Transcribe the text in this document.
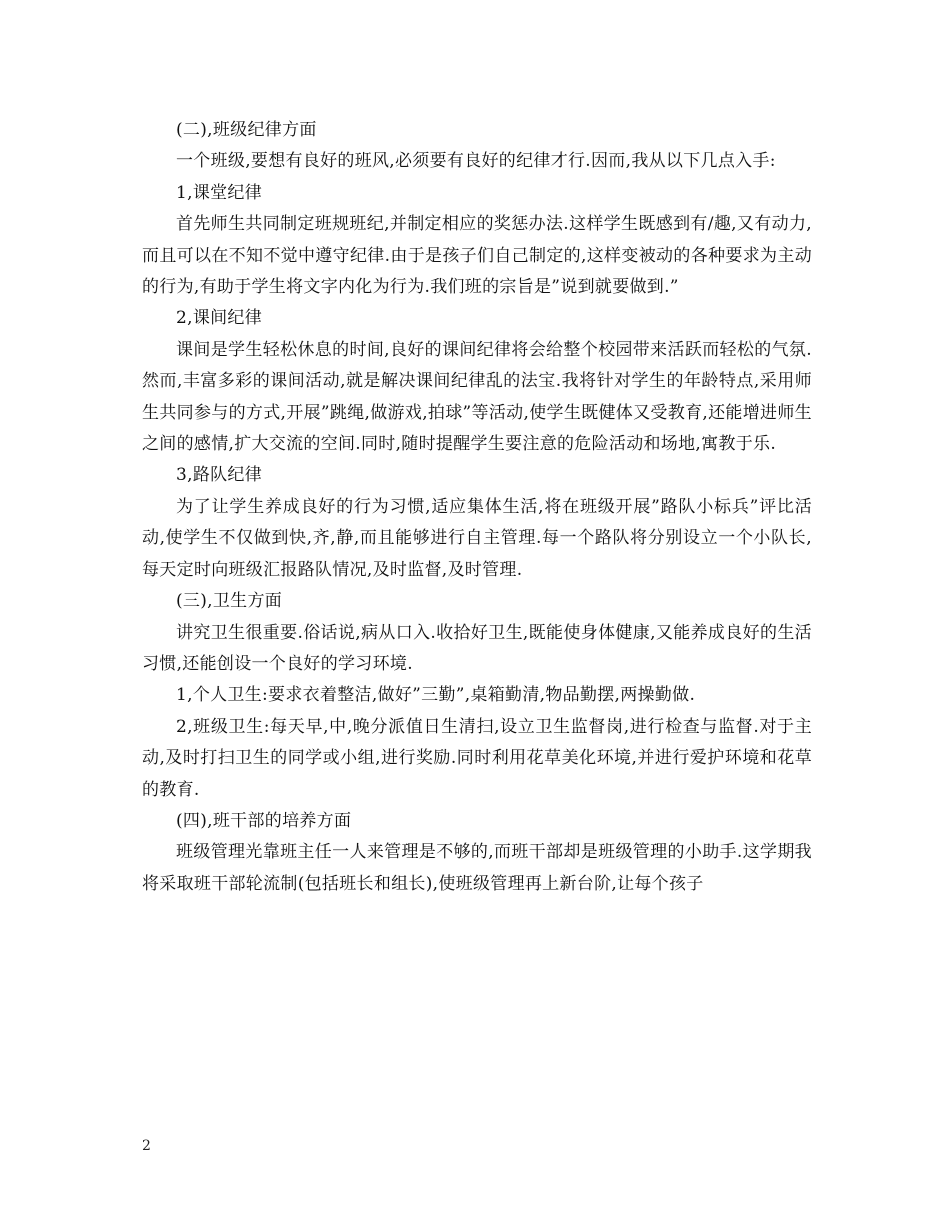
(二),班级纪律方面

一个班级,要想有良好的班风,必须要有良好的纪律才行.因而,我从以下几点入手:

1,课堂纪律

首先师生共同制定班规班纪,并制定相应的奖惩办法.这样学生既感到有/趣,又有动力,而且可以在不知不觉中遵守纪律.由于是孩子们自己制定的,这样变被动的各种要求为主动的行为,有助于学生将文字内化为行为.我们班的宗旨是”说到就要做到.”

2,课间纪律

课间是学生轻松休息的时间,良好的课间纪律将会给整个校园带来活跃而轻松的气氛.然而,丰富多彩的课间活动,就是解决课间纪律乱的法宝.我将针对学生的年龄特点,采用师生共同参与的方式,开展”跳绳,做游戏,拍球”等活动,使学生既健体又受教育,还能增进师生之间的感情,扩大交流的空间.同时,随时提醒学生要注意的危险活动和场地,寓教于乐.

3,路队纪律

为了让学生养成良好的行为习惯,适应集体生活,将在班级开展”路队小标兵”评比活动,使学生不仅做到快,齐,静,而且能够进行自主管理.每一个路队将分别设立一个小队长,每天定时向班级汇报路队情况,及时监督,及时管理.

(三),卫生方面

讲究卫生很重要.俗话说,病从口入.收拾好卫生,既能使身体健康,又能养成良好的生活习惯,还能创设一个良好的学习环境.

1,个人卫生:要求衣着整洁,做好”三勤”,桌箱勤清,物品勤摆,两操勤做.

2,班级卫生:每天早,中,晚分派值日生清扫,设立卫生监督岗,进行检查与监督.对于主动,及时打扫卫生的同学或小组,进行奖励.同时利用花草美化环境,并进行爱护环境和花草的教育.

(四),班干部的培养方面

班级管理光靠班主任一人来管理是不够的,而班干部却是班级管理的小助手.这学期我将采取班干部轮流制(包括班长和组长),使班级管理再上新台阶,让每个孩子

2
